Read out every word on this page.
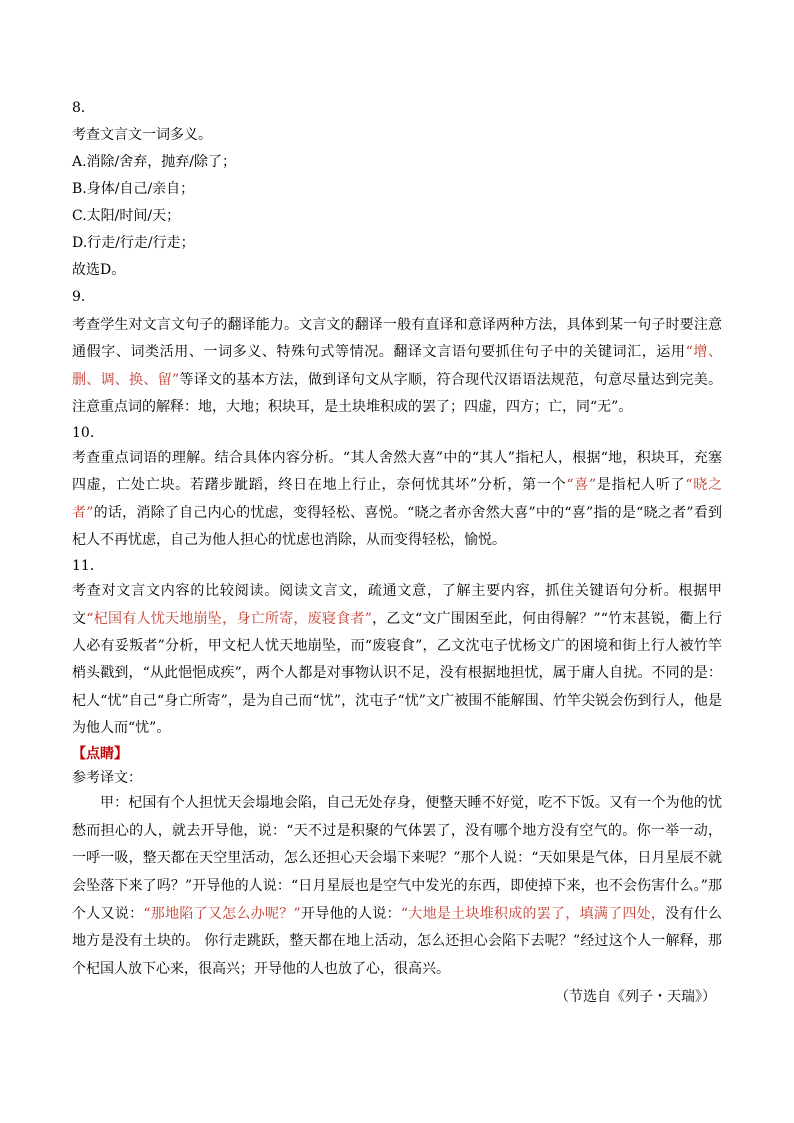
8．
考查文言文一词多义。
A.消除/舍弃，抛弃/除了；
B.身体/自己/亲自；
C.太阳/时间/天；
D.行走/行走/行走；
故选D。
9．

考查学生对文言文句子的翻译能力。文言文的翻译一般有直译和意译两种方法，具体到某一句子时要注意通假字、词类活用、一词多义、特殊句式等情况。翻译文言语句要抓住句子中的关键词汇，运用“增、删、调、换、留”等译文的基本方法，做到译句文从字顺，符合现代汉语语法规范，句意尽量达到完美。注意重点词的解释：地，大地；积块耳，是土块堆积成的罢了；四虚，四方；亡，同“无”。

10．

考查重点词语的理解。结合具体内容分析。“其人舍然大喜”中的“其人”指杞人，根据“地，积块耳，充塞四虚，亡处亡块。若躇步跐蹈，终日在地上行止，奈何忧其坏”分析，第一个“喜”是指杞人听了“晓之者”的话，消除了自己内心的忧虑，变得轻松、喜悦。“晓之者亦舍然大喜”中的“喜”指的是“晓之者”看到杞人不再忧虑，自己为他人担心的忧虑也消除，从而变得轻松，愉悦。

11．

考查对文言文内容的比较阅读。阅读文言文，疏通文意，了解主要内容，抓住关键语句分析。根据甲文“杞国有人忧天地崩坠，身亡所寄，废寝食者”，乙文“文广围困至此，何由得解？”“竹末甚锐，衢上行人必有妥叛者”分析，甲文杞人忧天地崩坠，而“废寝食”，乙文沈屯子忧杨文广的困境和街上行人被竹竿梢头戳到，“从此悒悒成疾”，两个人都是对事物认识不足，没有根据地担忧，属于庸人自扰。不同的是：杞人“忧”自己“身亡所寄”，是为自己而“忧”，沈屯子“忧”文广被围不能解围、竹竿尖锐会伤到行人，他是为他人而“忧”。

【点睛】
参考译文：

甲：杞国有个人担忧天会塌地会陷，自己无处存身，便整天睡不好觉，吃不下饭。又有一个为他的忧愁而担心的人，就去开导他，说：“天不过是积聚的气体罢了，没有哪个地方没有空气的。你一举一动，一呼一吸，整天都在天空里活动，怎么还担心天会塌下来呢？”那个人说：“天如果是气体，日月星辰不就会坠落下来了吗？”开导他的人说：“日月星辰也是空气中发光的东西，即使掉下来，也不会伤害什么。”那个人又说：“那地陷了又怎么办呢？”开导他的人说：“大地是土块堆积成的罢了，填满了四处，没有什么地方是没有土块的。 你行走跳跃，整天都在地上活动，怎么还担心会陷下去呢？”经过这个人一解释，那个杞国人放下心来，很高兴；开导他的人也放了心，很高兴。

（节选自《列子・天瑞》）
